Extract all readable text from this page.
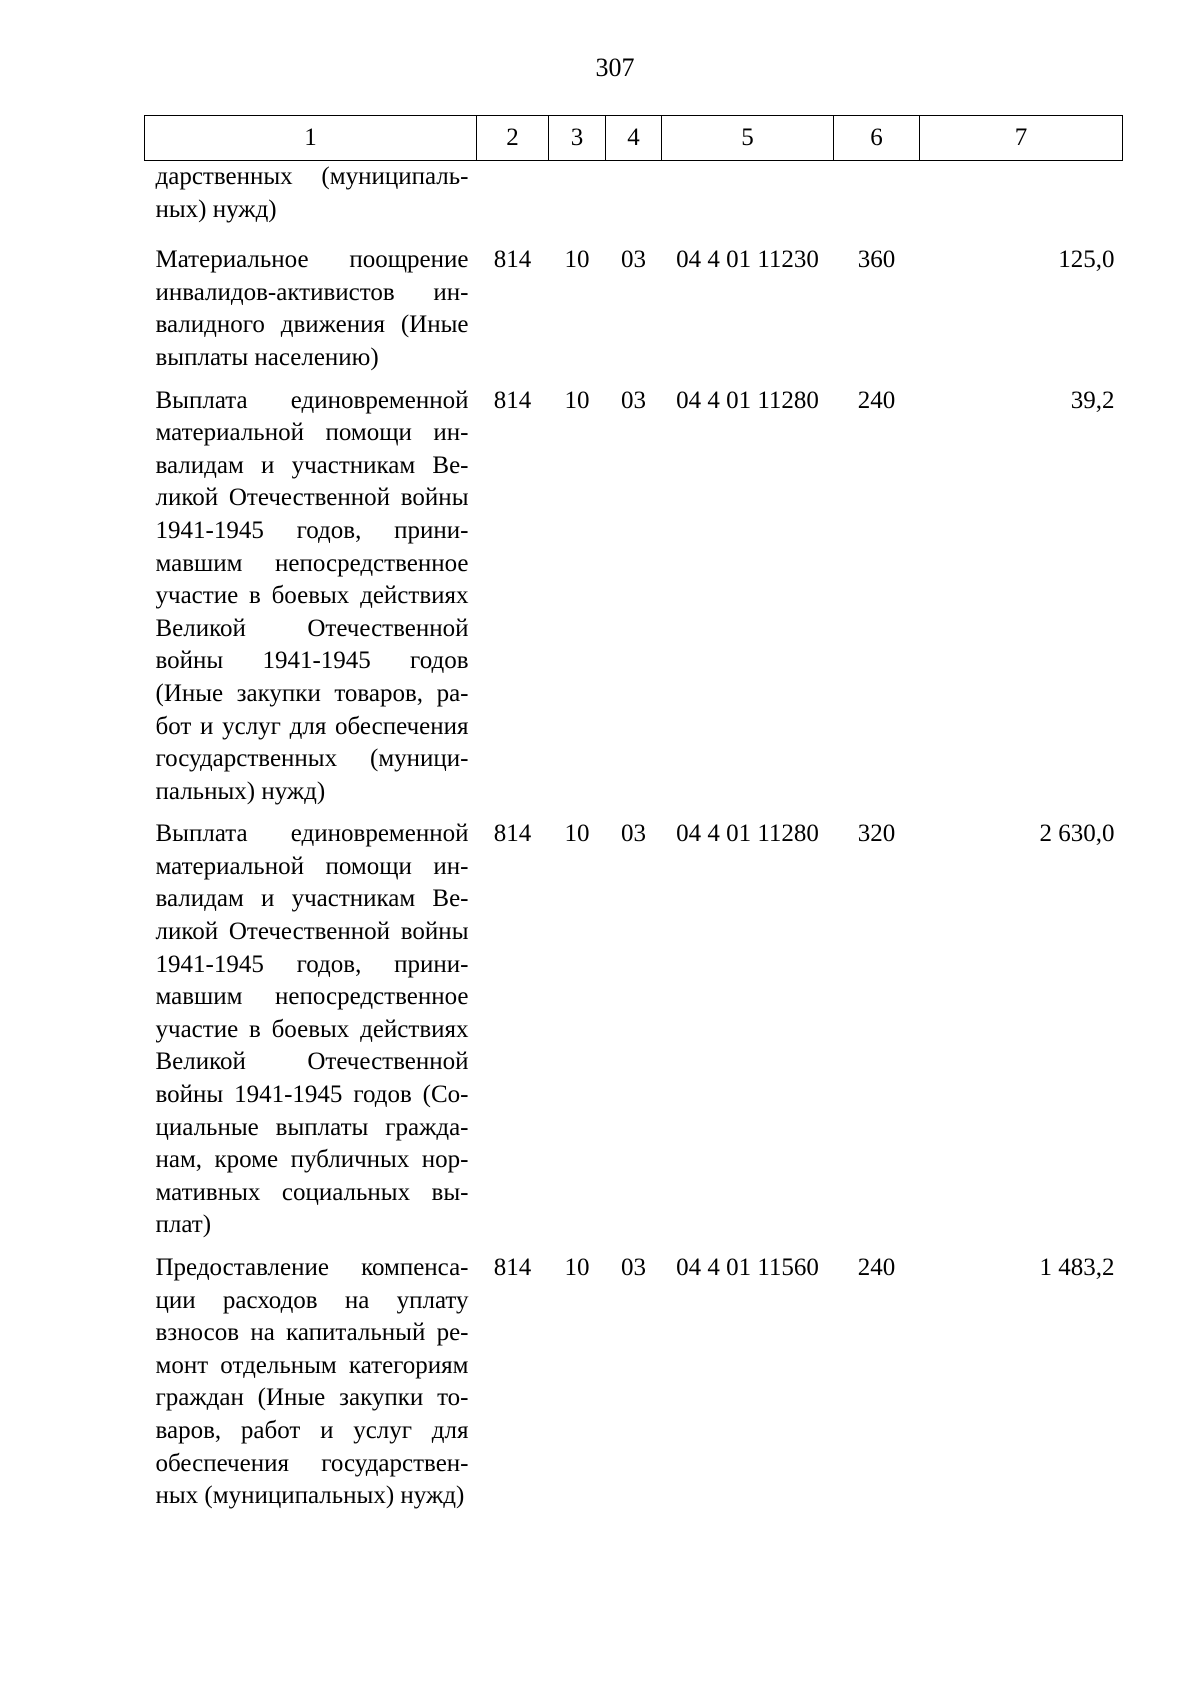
307
1	2	3	4	5	6	7
дарственных (муниципаль-ных) нужд)						
Материальное поощрение инвалидов-активистов ин-валидного движения (Иные выплаты населению)	814	10	03	04 4 01 11230	360	125,0
Выплата единовременной материальной помощи ин-валидам и участникам Ве-ликой Отечественной войны 1941-1945 годов, прини-мавшим непосредственное участие в боевых действиях Великой Отечественной войны 1941-1945 годов (Иные закупки товаров, ра-бот и услуг для обеспечения государственных (муници-пальных) нужд)	814	10	03	04 4 01 11280	240	39,2
Выплата единовременной материальной помощи ин-валидам и участникам Ве-ликой Отечественной войны 1941-1945 годов, прини-мавшим непосредственное участие в боевых действиях Великой Отечественной войны 1941-1945 годов (Со-циальные выплаты гражда-нам, кроме публичных нор-мативных социальных вы-плат)	814	10	03	04 4 01 11280	320	2 630,0
Предоставление компенса-ции расходов на уплату взносов на капитальный ре-монт отдельным категориям граждан (Иные закупки то-варов, работ и услуг для обеспечения государствен-ных (муниципальных) нужд)	814	10	03	04 4 01 11560	240	1 483,2
